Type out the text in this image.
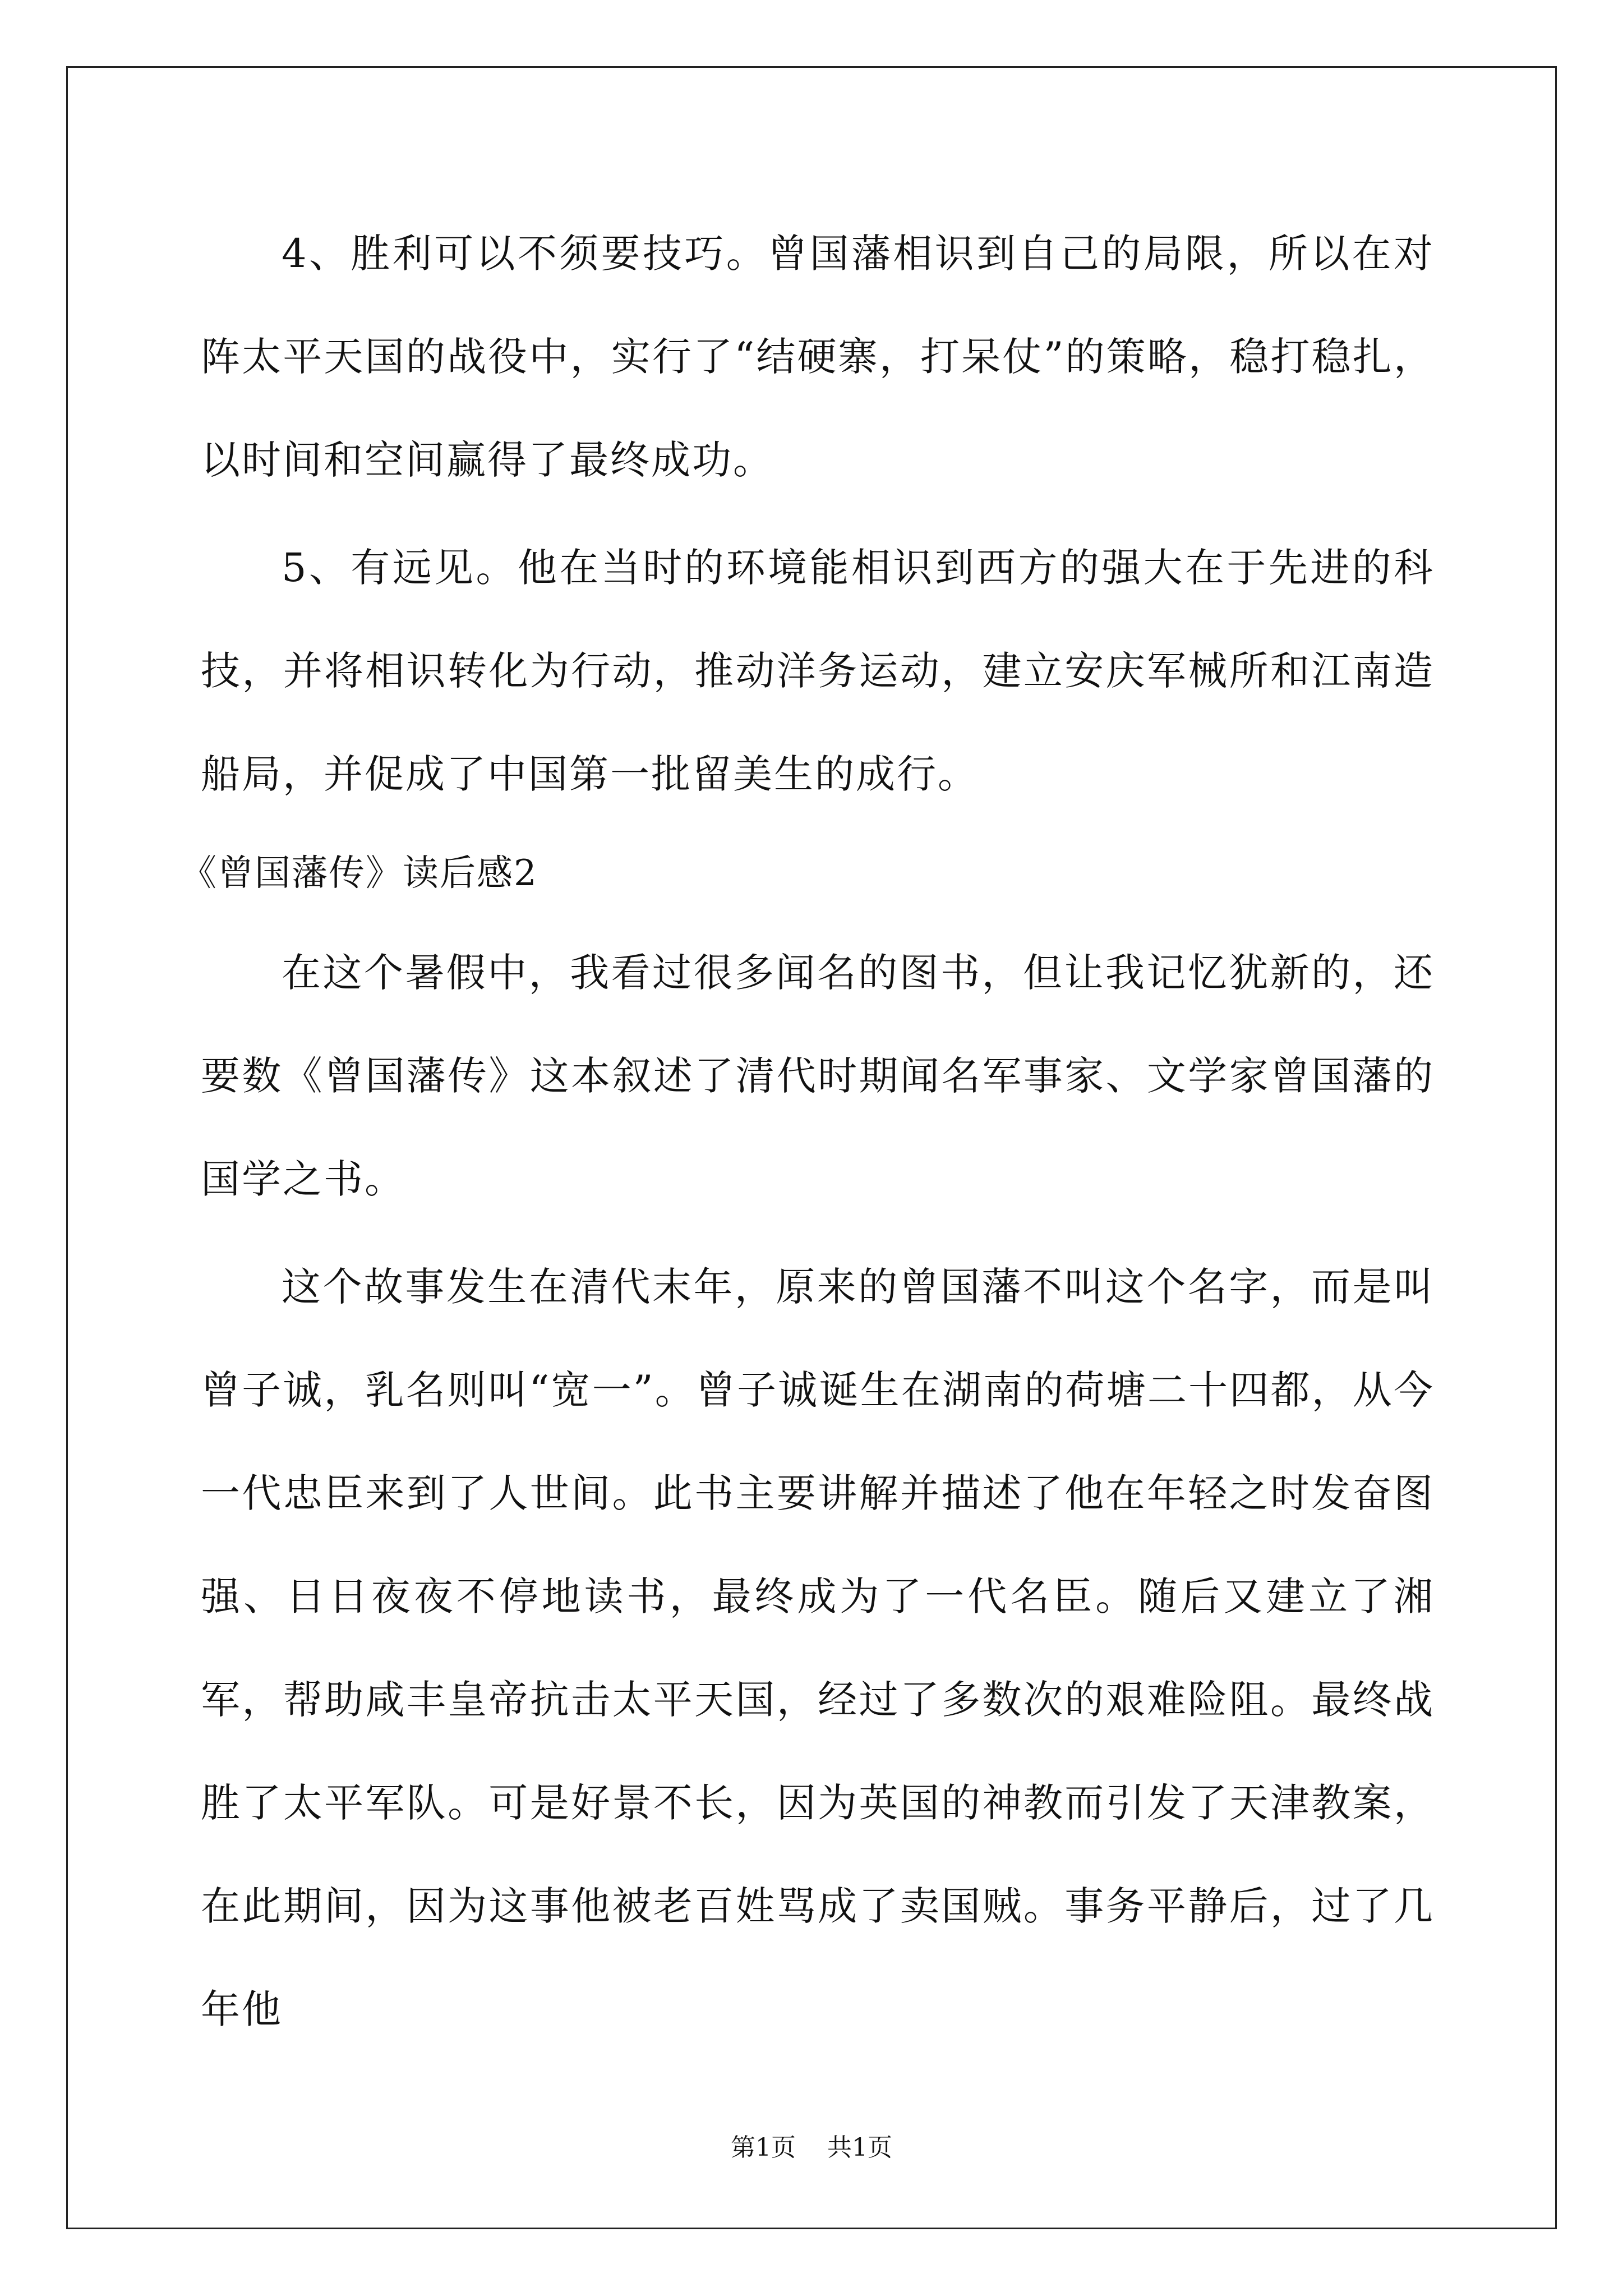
4、胜利可以不须要技巧。曾国藩相识到自己的局限，所以在对阵太平天国的战役中，实行了“结硬寨，打呆仗”的策略，稳打稳扎，以时间和空间赢得了最终成功。

5、有远见。他在当时的环境能相识到西方的强大在于先进的科技，并将相识转化为行动，推动洋务运动，建立安庆军械所和江南造船局，并促成了中国第一批留美生的成行。

《曾国藩传》读后感2

在这个暑假中，我看过很多闻名的图书，但让我记忆犹新的，还要数《曾国藩传》这本叙述了清代时期闻名军事家、文学家曾国藩的国学之书。

这个故事发生在清代末年，原来的曾国藩不叫这个名字，而是叫曾子诚，乳名则叫“宽一”。曾子诚诞生在湖南的荷塘二十四都，从今一代忠臣来到了人世间。此书主要讲解并描述了他在年轻之时发奋图强、日日夜夜不停地读书，最终成为了一代名臣。随后又建立了湘军，帮助咸丰皇帝抗击太平天国，经过了多数次的艰难险阻。最终战胜了太平军队。可是好景不长，因为英国的神教而引发了天津教案，在此期间，因为这事他被老百姓骂成了卖国贼。事务平静后，过了几年他

第1页 共1页
